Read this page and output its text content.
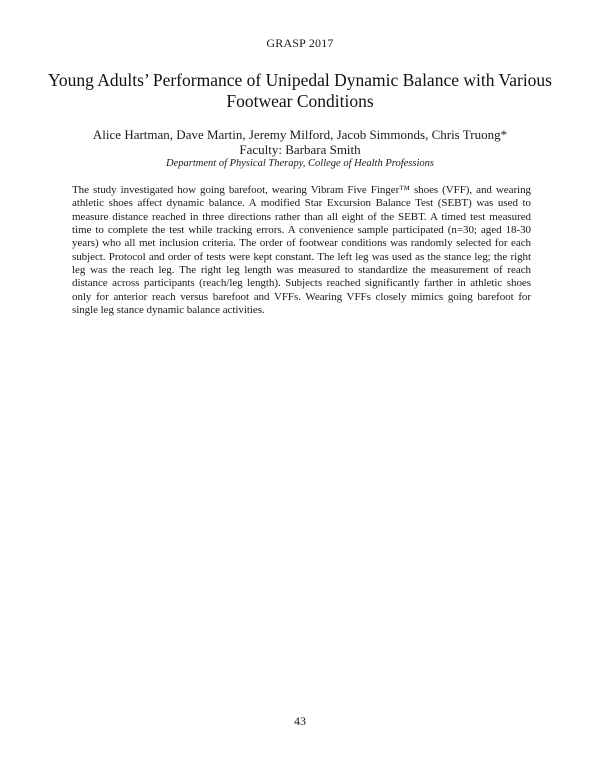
GRASP 2017
Young Adults’ Performance of Unipedal Dynamic Balance with Various Footwear Conditions
Alice Hartman, Dave Martin, Jeremy Milford, Jacob Simmonds, Chris Truong*
Faculty: Barbara Smith
Department of Physical Therapy, College of Health Professions
The study investigated how going barefoot, wearing Vibram Five Finger™ shoes (VFF), and wearing athletic shoes affect dynamic balance. A modified Star Excursion Balance Test (SEBT) was used to measure distance reached in three directions rather than all eight of the SEBT. A timed test measured time to complete the test while tracking errors. A convenience sample participated (n=30; aged 18-30 years) who all met inclusion criteria. The order of footwear conditions was randomly selected for each subject. Protocol and order of tests were kept constant. The left leg was used as the stance leg; the right leg was the reach leg. The right leg length was measured to standardize the measurement of reach distance across participants (reach/leg length). Subjects reached significantly farther in athletic shoes only for anterior reach versus barefoot and VFFs. Wearing VFFs closely mimics going barefoot for single leg stance dynamic balance activities.
43
